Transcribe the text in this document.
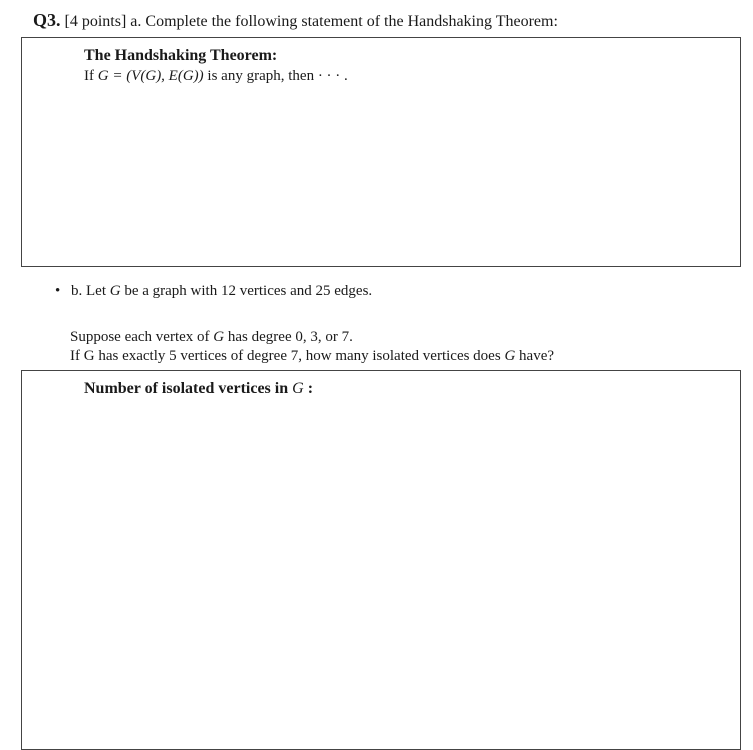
Q3. [4 points] a. Complete the following statement of the Handshaking Theorem:
The Handshaking Theorem:
If G = (V(G), E(G)) is any graph, then · · · .
• b. Let G be a graph with 12 vertices and 25 edges.
Suppose each vertex of G has degree 0, 3, or 7.
If G has exactly 5 vertices of degree 7, how many isolated vertices does G have?
Number of isolated vertices in G :
